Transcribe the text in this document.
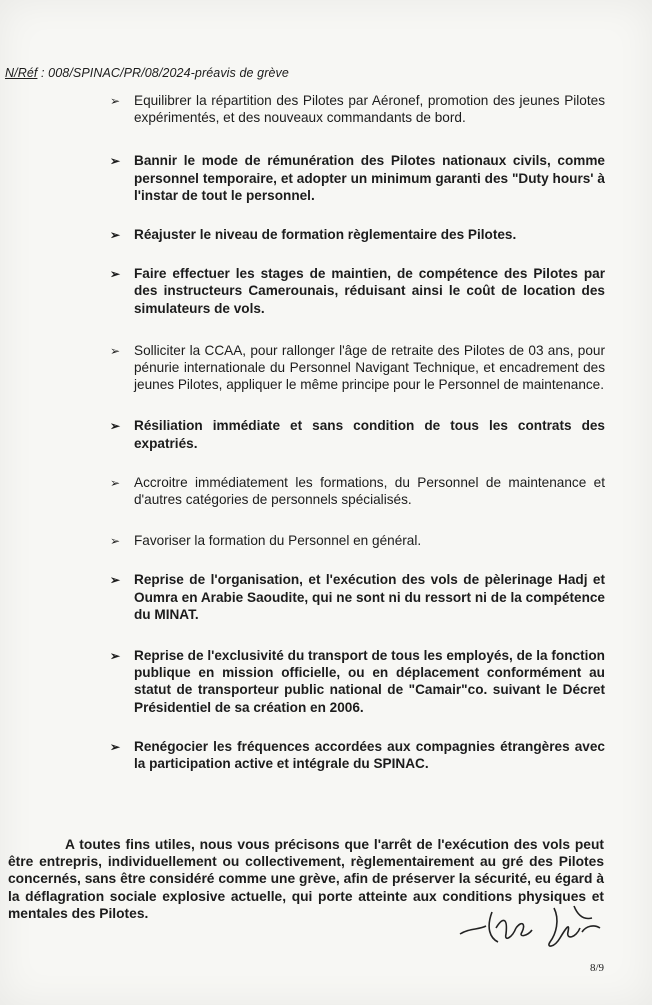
N/Réf : 008/SPINAC/PR/08/2024-préavis de grève
➢ Equilibrer la répartition des Pilotes par Aéronef, promotion des jeunes Pilotes expérimentés, et des nouveaux commandants de bord.
➢ Bannir le mode de rémunération des Pilotes nationaux civils, comme personnel temporaire, et adopter un minimum garanti des "Duty hours' à l'instar de tout le personnel.
➢ Réajuster le niveau de formation règlementaire des Pilotes.
➢ Faire effectuer les stages de maintien, de compétence des Pilotes par des instructeurs Camerounais, réduisant ainsi le coût de location des simulateurs de vols.
➢ Solliciter la CCAA, pour rallonger l'âge de retraite des Pilotes de 03 ans, pour pénurie internationale du Personnel Navigant Technique, et encadrement des jeunes Pilotes, appliquer le même principe pour le Personnel de maintenance.
➢ Résiliation immédiate et sans condition de tous les contrats des expatriés.
➢ Accroitre immédiatement les formations, du Personnel de maintenance et d'autres catégories de personnels spécialisés.
➢ Favoriser la formation du Personnel en général.
➢ Reprise de l'organisation, et l'exécution des vols de pèlerinage Hadj et Oumra en Arabie Saoudite, qui ne sont ni du ressort ni de la compétence du MINAT.
➢ Reprise de l'exclusivité du transport de tous les employés, de la fonction publique en mission officielle, ou en déplacement conformément au statut de transporteur public national de "Camair"co. suivant le Décret Présidentiel de sa création en 2006.
➢ Renégocier les fréquences accordées aux compagnies étrangères avec la participation active et intégrale du SPINAC.
A toutes fins utiles, nous vous précisons que l'arrêt de l'exécution des vols peut être entrepris, individuellement ou collectivement, règlementairement au gré des Pilotes concernés, sans être considéré comme une grève, afin de préserver la sécurité, eu égard à la déflagration sociale explosive actuelle, qui porte atteinte aux conditions physiques et mentales des Pilotes.
8/9
